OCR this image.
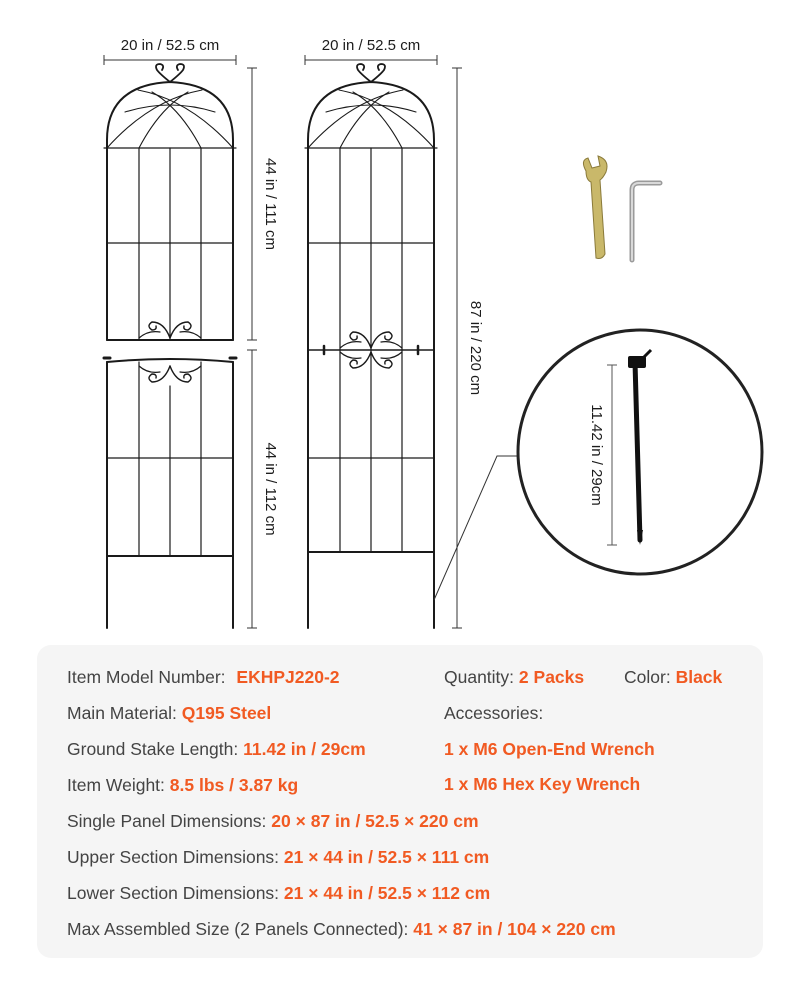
20 in / 52.5 cm	20 in / 52.5 cm
44 in / 111 cm
44 in / 112 cm
87 in / 220 cm
11.42 in / 29cm
Item Model Number: EKHPJ220-2	Quantity: 2 Packs Color: Black
Main Material: Q195 Steel	Accessories:
Ground Stake Length: 11.42 in / 29cm	1 x M6 Open-End Wrench
Item Weight: 8.5 lbs / 3.87 kg	1 x M6 Hex Key Wrench
Single Panel Dimensions: 20 × 87 in / 52.5 × 220 cm
Upper Section Dimensions: 21 × 44 in / 52.5 × 111 cm
Lower Section Dimensions: 21 × 44 in / 52.5 × 112 cm
Max Assembled Size (2 Panels Connected): 41 × 87 in / 104 × 220 cm
